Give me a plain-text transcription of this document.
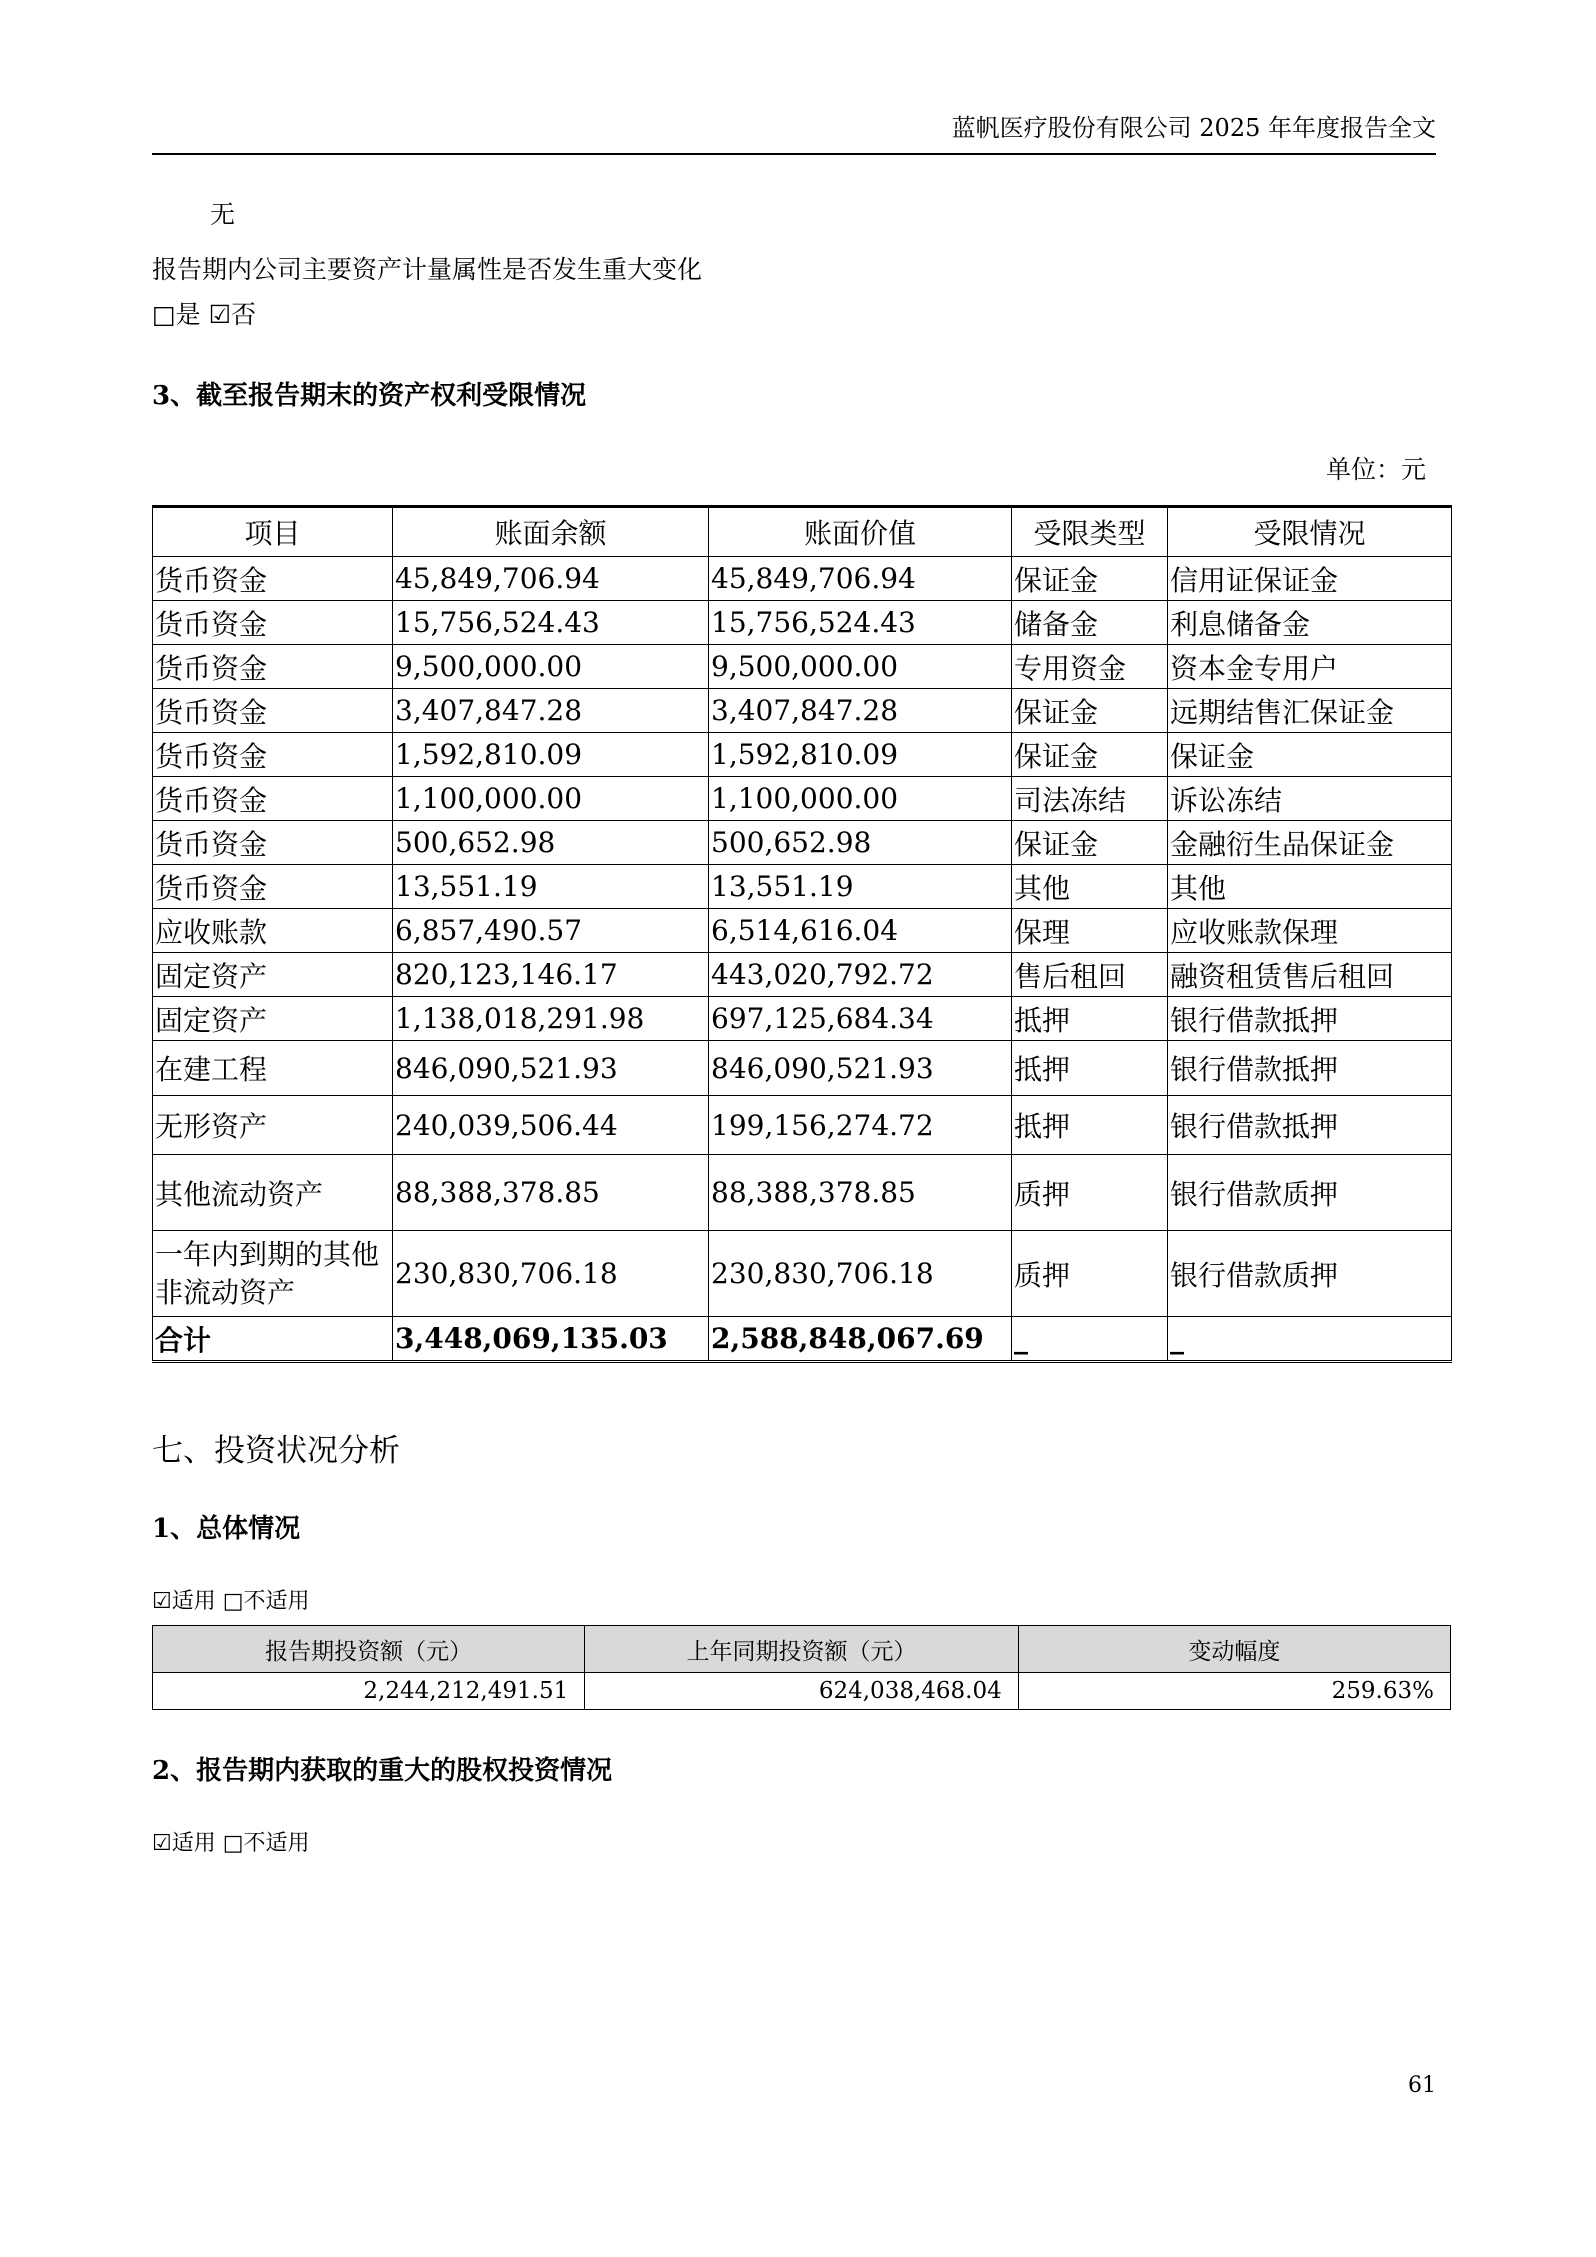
蓝帆医疗股份有限公司 2025 年年度报告全文
无
报告期内公司主要资产计量属性是否发生重大变化
□是 ☑否
3、截至报告期末的资产权利受限情况
单位：元
项目	账面余额	账面价值	受限类型	受限情况
货币资金	45,849,706.94	45,849,706.94	保证金	信用证保证金
货币资金	15,756,524.43	15,756,524.43	储备金	利息储备金
货币资金	9,500,000.00	9,500,000.00	专用资金	资本金专用户
货币资金	3,407,847.28	3,407,847.28	保证金	远期结售汇保证金
货币资金	1,592,810.09	1,592,810.09	保证金	保证金
货币资金	1,100,000.00	1,100,000.00	司法冻结	诉讼冻结
货币资金	500,652.98	500,652.98	保证金	金融衍生品保证金
货币资金	13,551.19	13,551.19	其他	其他
应收账款	6,857,490.57	6,514,616.04	保理	应收账款保理
固定资产	820,123,146.17	443,020,792.72	售后租回	融资租赁售后租回
固定资产	1,138,018,291.98	697,125,684.34	抵押	银行借款抵押
在建工程	846,090,521.93	846,090,521.93	抵押	银行借款抵押
无形资产	240,039,506.44	199,156,274.72	抵押	银行借款抵押
其他流动资产	88,388,378.85	88,388,378.85	质押	银行借款质押
一年内到期的其他非流动资产	230,830,706.18	230,830,706.18	质押	银行借款质押
合计	3,448,069,135.03	2,588,848,067.69	_	_
七、投资状况分析
1、总体情况
☑适用 □不适用
报告期投资额（元）	上年同期投资额（元）	变动幅度
2,244,212,491.51	624,038,468.04	259.63%
2、报告期内获取的重大的股权投资情况
☑适用 □不适用
61
